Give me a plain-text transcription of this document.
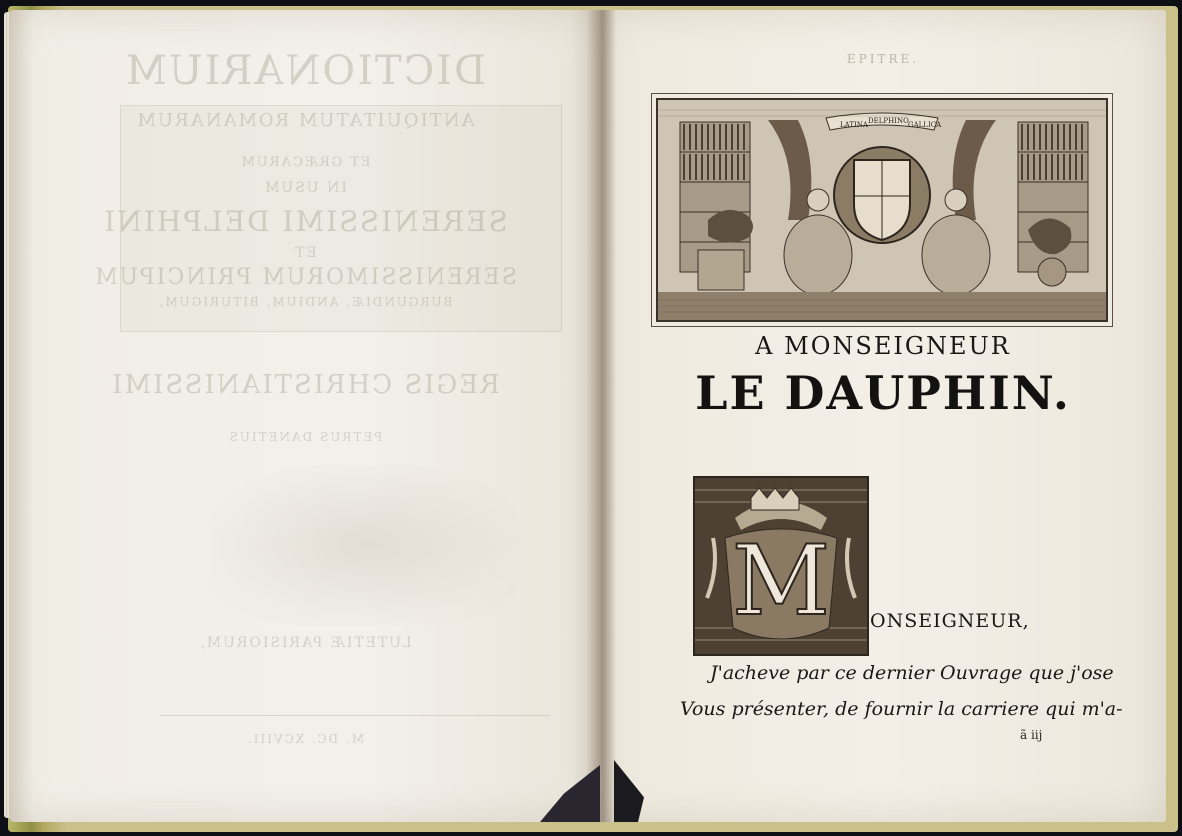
DICTIONARIUM
ANTIQUITATUM ROMANARUM
ET GRÆCARUM
IN USUM
SERENISSIMI DELPHINI
ET
SERENISSIMORUM PRINCIPUM
BURGUNDIÆ, ANDIUM, BITURIGUM,
REGIS CHRISTIANISSIMI
PETRUS DANETIUS
LUTETIÆ PARISIORUM,
M. DC. XCVIII.
EPITRE.
LATINA DELPHINO GALLICA
A MONSEIGNEUR
LE DAUPHIN.
M ONSEIGNEUR,
J'acheve par ce dernier Ouvrage que j'ose
Vous présenter, de fournir la carriere qui m'a-
ã iij
